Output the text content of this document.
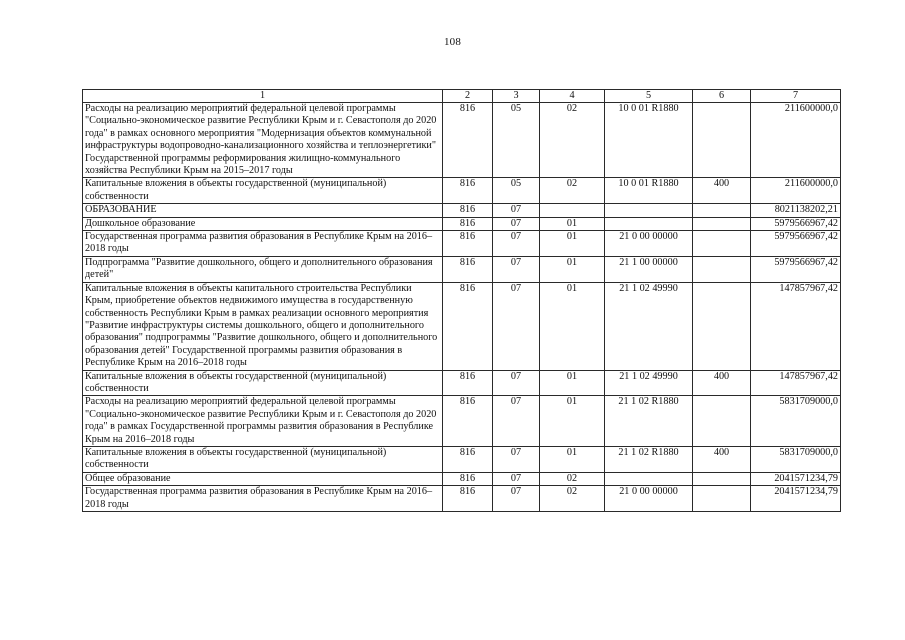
108
1	2	3	4	5	6	7
Расходы на реализацию мероприятий федеральной целевой программы "Социально-экономическое развитие Республики Крым и г. Севастополя до 2020 года" в рамках основного мероприятия "Модернизация объектов коммунальной инфраструктуры водопроводно-канализационного хозяйства и теплоэнергетики" Государственной программы реформирования жилищно-коммунального хозяйства Республики Крым на 2015–2017 годы	816	05	02	10 0 01 R1880		211600000,0
Капитальные вложения в объекты государственной (муниципальной) собственности	816	05	02	10 0 01 R1880	400	211600000,0
ОБРАЗОВАНИЕ	816	07				8021138202,21
Дошкольное образование	816	07	01			5979566967,42
Государственная программа развития образования в Республике Крым на 2016–2018 годы	816	07	01	21 0 00 00000		5979566967,42
Подпрограмма "Развитие дошкольного, общего и дополнительного образования детей"	816	07	01	21 1 00 00000		5979566967,42
Капитальные вложения в объекты капитального строительства Республики Крым, приобретение объектов недвижимого имущества в государственную собственность Республики Крым в рамках реализации основного мероприятия "Развитие инфраструктуры системы дошкольного, общего и дополнительного образования" подпрограммы "Развитие дошкольного, общего и дополнительного образования детей" Государственной программы развития образования в Республике Крым на 2016–2018 годы	816	07	01	21 1 02 49990		147857967,42
Капитальные вложения в объекты государственной (муниципальной) собственности	816	07	01	21 1 02 49990	400	147857967,42
Расходы на реализацию мероприятий федеральной целевой программы "Социально-экономическое развитие Республики Крым и г. Севастополя до 2020 года" в рамках Государственной программы развития образования в Республике Крым на 2016–2018 годы	816	07	01	21 1 02 R1880		5831709000,0
Капитальные вложения в объекты государственной (муниципальной) собственности	816	07	01	21 1 02 R1880	400	5831709000,0
Общее образование	816	07	02			2041571234,79
Государственная программа развития образования в Республике Крым на 2016–2018 годы	816	07	02	21 0 00 00000		2041571234,79
